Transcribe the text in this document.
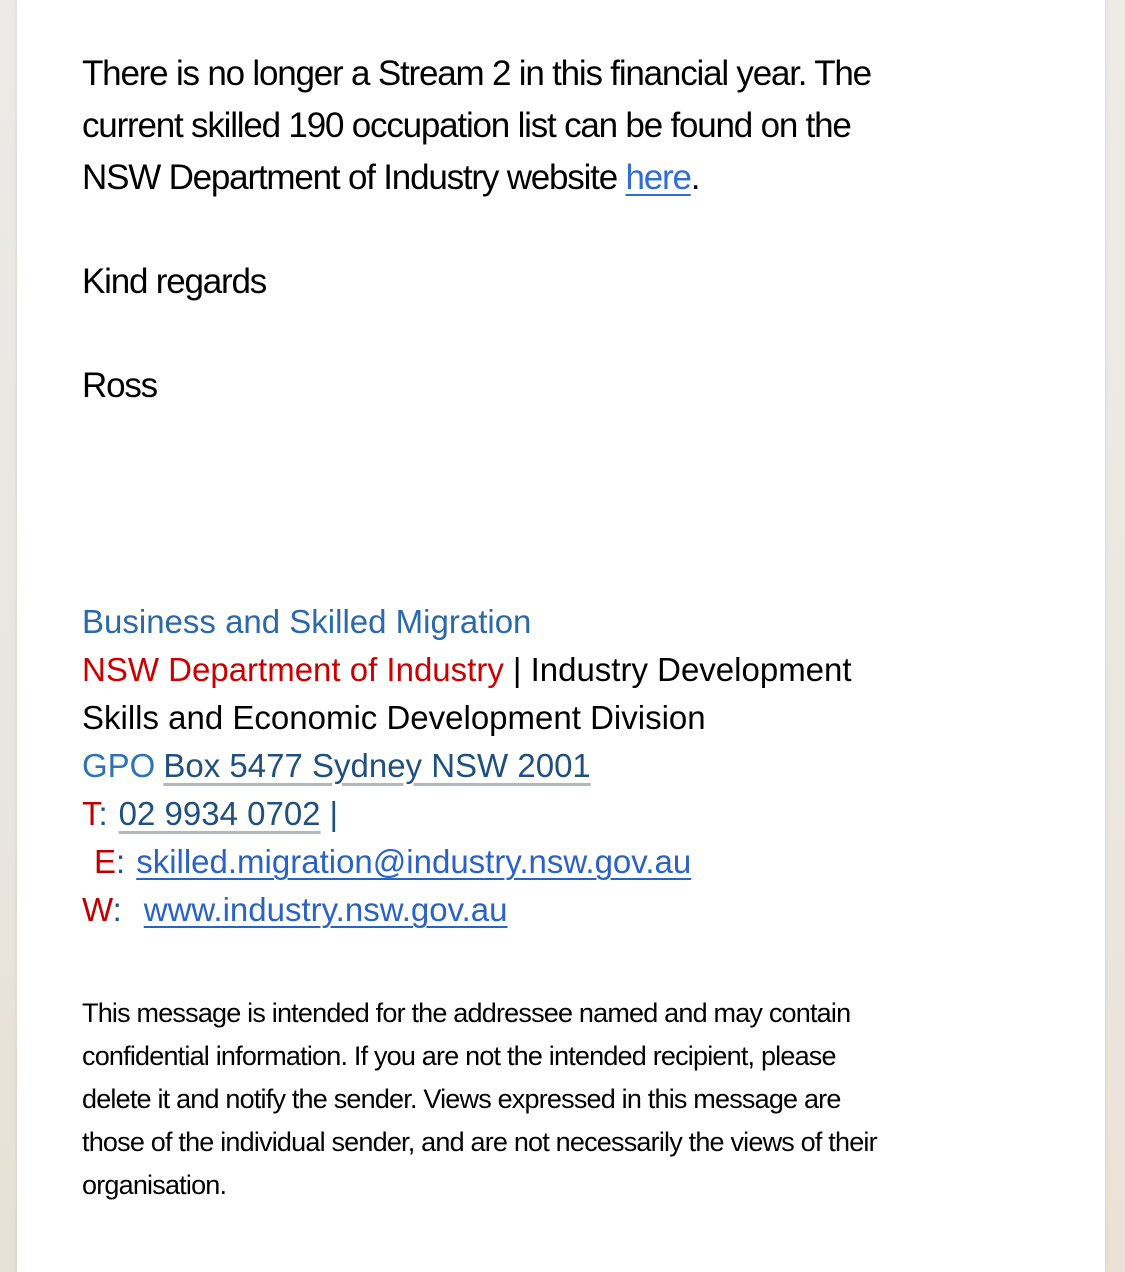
There is no longer a Stream 2 in this financial year. The
current skilled 190 occupation list can be found on the
NSW Department of Industry website here.

Kind regards

Ross

Business and Skilled Migration
NSW Department of Industry | Industry Development
Skills and Economic Development Division
GPO Box 5477 Sydney NSW 2001
T: 02 9934 0702 |
E: skilled.migration@industry.nsw.gov.au
W: www.industry.nsw.gov.au
This message is intended for the addressee named and may contain
confidential information. If you are not the intended recipient, please
delete it and notify the sender. Views expressed in this message are
those of the individual sender, and are not necessarily the views of their
organisation.
